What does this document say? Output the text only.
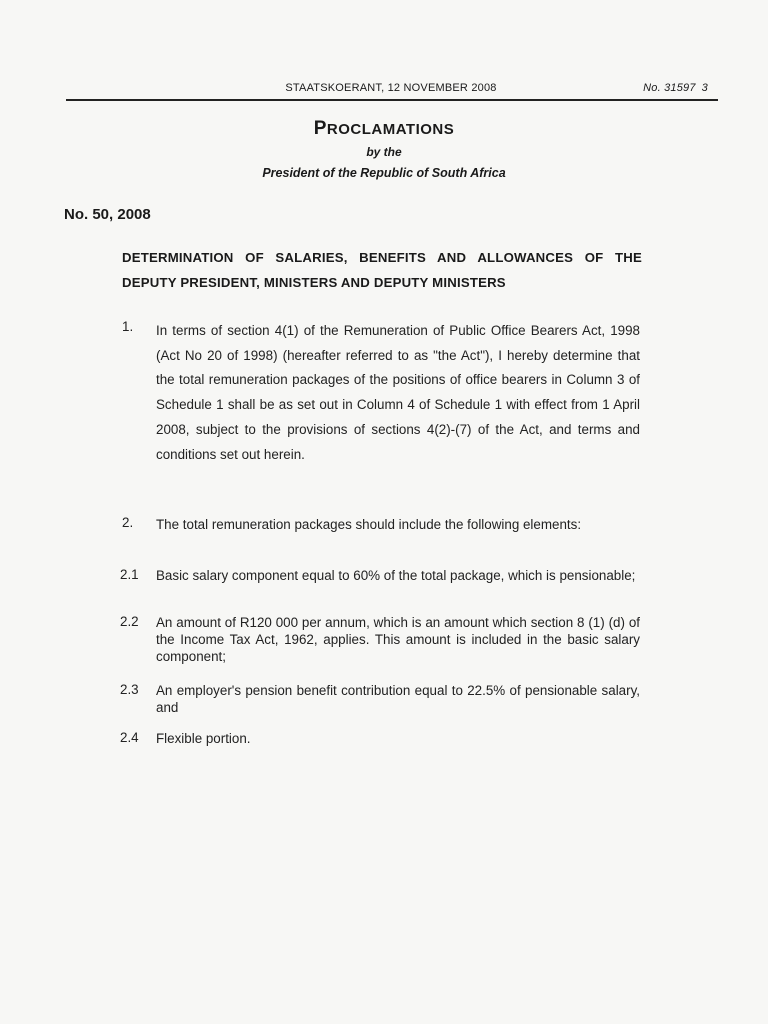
STAATSKOERANT, 12 NOVEMBER 2008	No. 31597 3
PROCLAMATIONS
by the
President of the Republic of South Africa
No. 50, 2008
DETERMINATION OF SALARIES, BENEFITS AND ALLOWANCES OF THE DEPUTY PRESIDENT, MINISTERS AND DEPUTY MINISTERS
1. In terms of section 4(1) of the Remuneration of Public Office Bearers Act, 1998 (Act No 20 of 1998) (hereafter referred to as "the Act"), I hereby determine that the total remuneration packages of the positions of office bearers in Column 3 of Schedule 1 shall be as set out in Column 4 of Schedule 1 with effect from 1 April 2008, subject to the provisions of sections 4(2)-(7) of the Act, and terms and conditions set out herein.
2. The total remuneration packages should include the following elements:
2.1 Basic salary component equal to 60% of the total package, which is pensionable;
2.2 An amount of R120 000 per annum, which is an amount which section 8 (1) (d) of the Income Tax Act, 1962, applies. This amount is included in the basic salary component;
2.3 An employer's pension benefit contribution equal to 22.5% of pensionable salary, and
2.4 Flexible portion.
